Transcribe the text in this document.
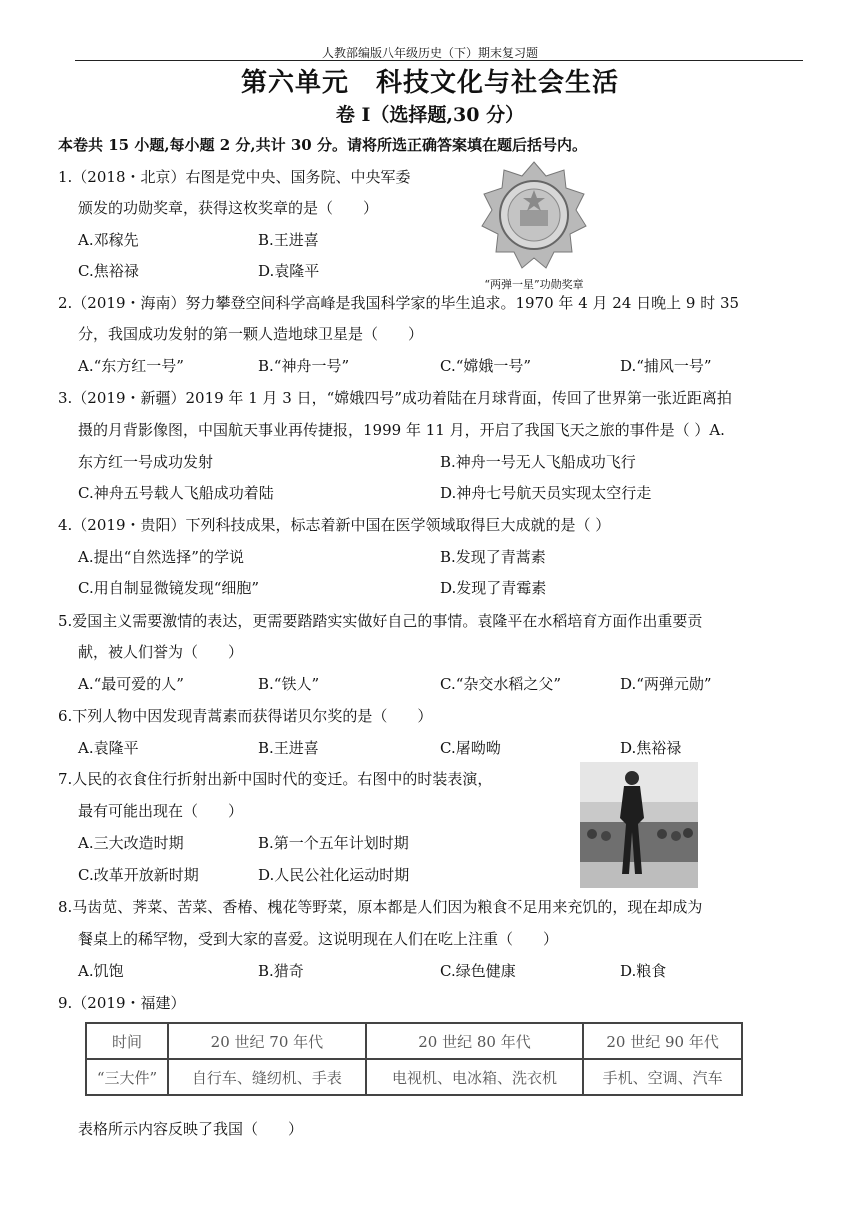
人教部编版八年级历史（下）期末复习题
第六单元　科技文化与社会生活
卷 I（选择题,30 分）
本卷共 15 小题,每小题 2 分,共计 30 分。请将所选正确答案填在题后括号内。
1.（2018・北京）右图是党中央、国务院、中央军委
颁发的功勋奖章，获得这枚奖章的是（　　）
A.邓稼先	B.王进喜
C.焦裕禄	D.袁隆平
“两弹一星”功勋奖章
2.（2019・海南）努力攀登空间科学高峰是我国科学家的毕生追求。1970 年 4 月 24 日晚上 9 时 35
分，我国成功发射的第一颗人造地球卫星是（　　）
A.“东方红一号”	B.“神舟一号”	C.“嫦娥一号”	D.“捕风一号”
3.（2019・新疆）2019 年 1 月 3 日，“嫦娥四号”成功着陆在月球背面，传回了世界第一张近距离拍
摄的月背影像图，中国航天事业再传捷报，1999 年 11 月，开启了我国飞天之旅的事件是（ ）A.
东方红一号成功发射	B.神舟一号无人飞船成功飞行
C.神舟五号载人飞船成功着陆	D.神舟七号航天员实现太空行走
4.（2019・贵阳）下列科技成果，标志着新中国在医学领域取得巨大成就的是（ ）
A.提出“自然选择”的学说	B.发现了青蒿素
C.用自制显微镜发现“细胞”	D.发现了青霉素
5.爱国主义需要激情的表达，更需要踏踏实实做好自己的事情。袁隆平在水稻培育方面作出重要贡
献，被人们誉为（　　）
A.“最可爱的人”	B.“铁人”	C.“杂交水稻之父”	D.“两弹元勋”
6.下列人物中因发现青蒿素而获得诺贝尔奖的是（　　）
A.袁隆平	B.王进喜	C.屠呦呦	D.焦裕禄
7.人民的衣食住行折射出新中国时代的变迁。右图中的时装表演，
最有可能出现在（　　）
A.三大改造时期	B.第一个五年计划时期
C.改革开放新时期	D.人民公社化运动时期
8.马齿苋、荠菜、苦菜、香椿、槐花等野菜，原本都是人们因为粮食不足用来充饥的，现在却成为
餐桌上的稀罕物，受到大家的喜爱。这说明现在人们在吃上注重（　　）
A.饥饱	B.猎奇	C.绿色健康	D.粮食
9.（2019・福建）
时间	20 世纪 70 年代	20 世纪 80 年代	20 世纪 90 年代
“三大件”	自行车、缝纫机、手表	电视机、电冰箱、洗衣机	手机、空调、汽车
表格所示内容反映了我国（　　）
